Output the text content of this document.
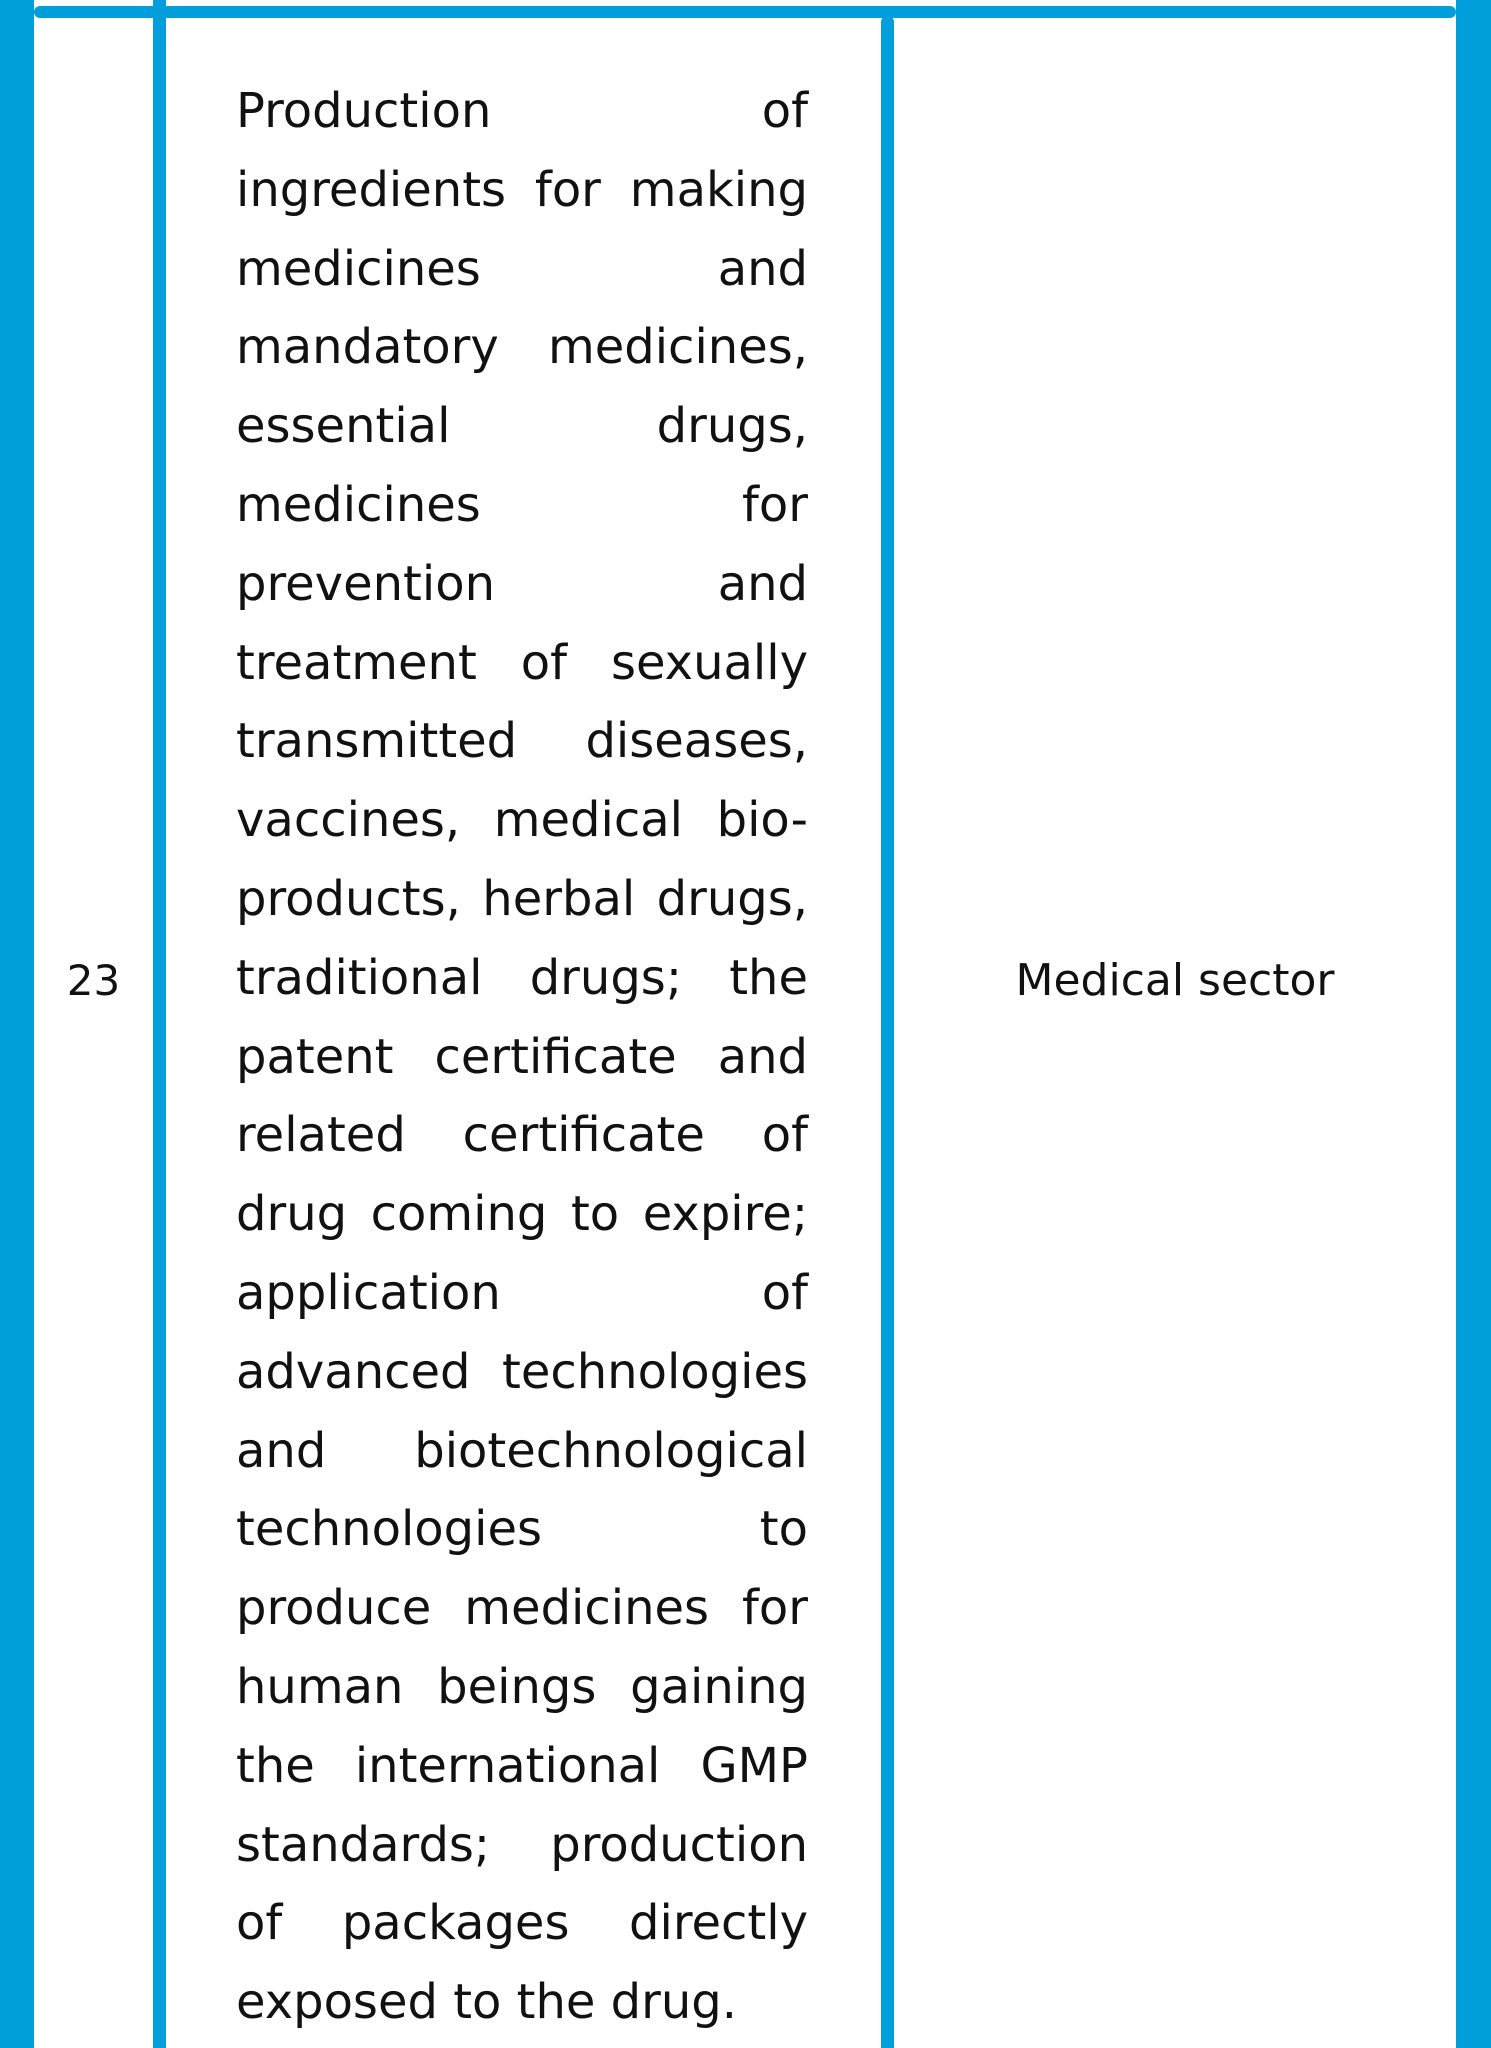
23
Production of ingredients for making medicines and mandatory medicines, essential drugs, medicines for prevention and treatment of sexually transmitted diseases, vaccines, medical bio-products, herbal drugs, traditional drugs; the patent certificate and related certificate of drug coming to expire; application of advanced technologies and biotechnological technologies to produce medicines for human beings gaining the international GMP standards; production of packages directly exposed to the drug.
Medical sector
